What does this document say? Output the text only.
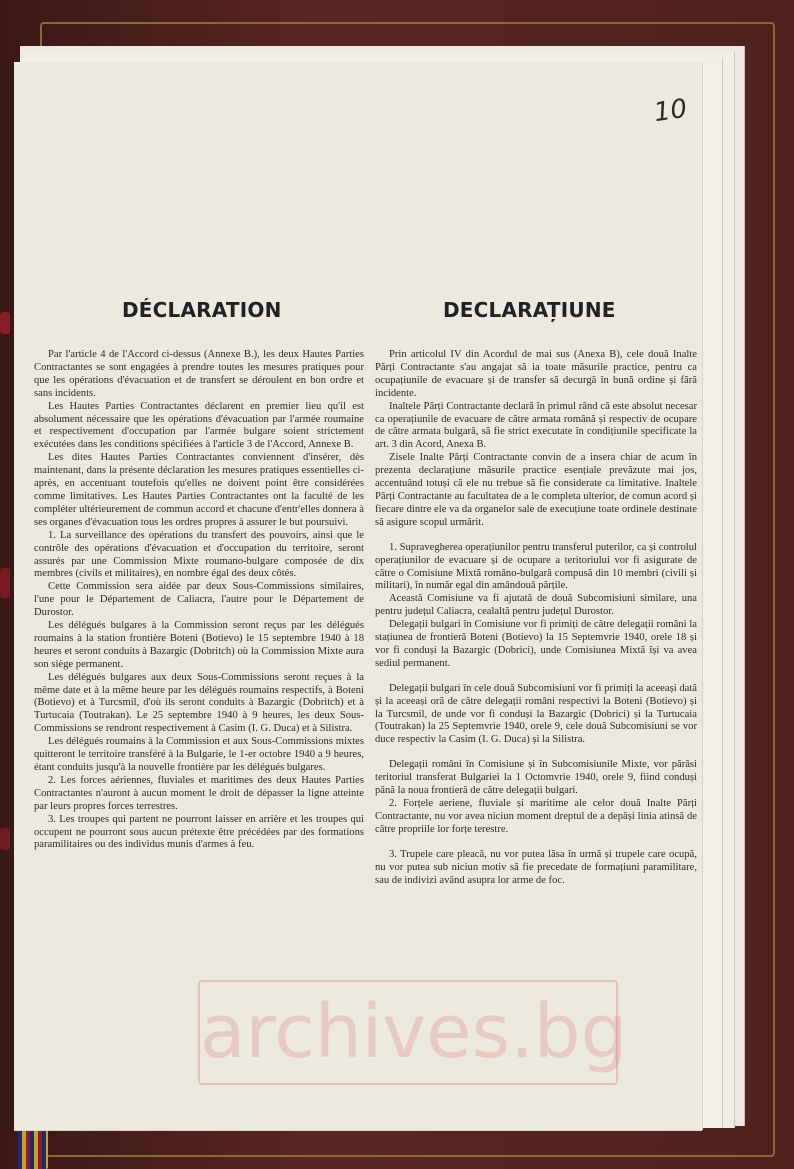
10
DÉCLARATION	DECLARAȚIUNE

Par l'article 4 de l'Accord ci-dessus (Annexe B.), les deux Hautes Parties Contractantes se sont engagées à prendre toutes les mesures pratiques pour que les opérations d'évacuation et de transfert se déroulent en bon ordre et sans incidents.

Les Hautes Parties Contractantes déclarent en premier lieu qu'il est absolument nécessaire que les opérations d'évacuation par l'armée roumaine et respectivement d'occupation par l'armée bulgare soient strictement exécutées dans les conditions spécifiées à l'article 3 de l'Accord, Annexe B.

Les dites Hautes Parties Contractantes conviennent d'insérer, dès maintenant, dans la présente déclaration les mesures pratiques essentielles ci-après, en accentuant toutefois qu'elles ne doivent point être considérées comme limitatives. Les Hautes Parties Contractantes ont la faculté de les compléter ultérieurement de commun accord et chacune d'entr'elles donnera à ses organes d'évacuation tous les ordres propres à assurer le but poursuivi.

1. La surveillance des opérations du transfert des pouvoirs, ainsi que le contrôle des opérations d'évacuation et d'occupation du territoire, seront assurés par une Commission Mixte roumano-bulgare composée de dix membres (civils et militaires), en nombre égal des deux côtés.

Cette Commission sera aidée par deux Sous-Commissions similaires, l'une pour le Département de Caliacra, l'autre pour le Département de Durostor.

Les délégués bulgares à la Commission seront reçus par les délégués roumains à la station frontière Boteni (Botievo) le 15 septembre 1940 à 18 heures et seront conduits à Bazargic (Dobritch) où la Commission Mixte aura son siège permanent.

Les délégués bulgares aux deux Sous-Commissions seront reçues à la même date et à la même heure par les délégués roumains respectifs, à Boteni (Botievo) et à Turcsmil, d'où ils seront conduits à Bazargic (Dobritch) et à Turtucaia (Toutrakan). Le 25 septembre 1940 à 9 heures, les deux Sous-Commissions se rendront respectivement à Casim (I. G. Duca) et à Silistra.

Les délégués roumains à la Commission et aux Sous-Commissions mixtes quitteront le territoire transféré à la Bulgarie, le 1-er octobre 1940 a 9 heures, étant conduits jusqu'à la nouvelle frontière par les délégués bulgares.

2. Les forces aériennes, fluviales et maritimes des deux Hautes Parties Contractantes n'auront à aucun moment le droit de dépasser la ligne atteinte par leurs propres forces terrestres.

3. Les troupes qui partent ne pourront laisser en arrière et les troupes qui occupent ne pourront sous aucun prétexte être précédées par des formations paramilitaires ou des individus munis d'armes à feu.

Prin articolul IV din Acordul de mai sus (Anexa B), cele două Inalte Părți Contractante s'au angajat să ia toate măsurile practice, pentru ca ocupațiunile de evacuare și de transfer să decurgă în bună ordine și fără incidente.

Inaltele Părți Contractante declară în primul rând că este absolut necesar ca operațiunile de evacuare de către armata română și respectiv de ocupare de către armata bulgară, să fie strict executate în condițiunile specificate la art. 3 din Acord, Anexa B.

Zisele Inalte Părți Contractante convin de a insera chiar de acum în prezenta declarațiune măsurile practice esențiale prevăzute mai jos, accentuând totuși că ele nu trebue să fie considerate ca limitative. Inaltele Părți Contractante au facultatea de a le completa ulterior, de comun acord și fiecare dintre ele va da organelor sale de execuțiune toate ordinele destinate să asigure scopul urmărit.

1. Supravegherea operațiunilor pentru transferul puterilor, ca și controlul operațiunilor de evacuare și de ocupare a teritoriului vor fi asigurate de către o Comisiune Mixtă româno-bulgară compusă din 10 membri (civili și militari), în număr egal din amândouă părțile.

Această Comisiune va fi ajutată de două Subcomisiuni similare, una pentru județul Caliacra, cealaltă pentru județul Durostor.

Delegații bulgari în Comisiune vor fi primiți de către delegații români la stațiunea de frontieră Boteni (Botievo) la 15 Septemvrie 1940, orele 18 și vor fi conduși la Bazargic (Dobrici), unde Comisiunea Mixtă își va avea sediul permanent.

Delegații bulgari în cele două Subcomisiuni vor fi primiți la aceeași dată și la aceeași oră de către delegații români respectivi la Boteni (Botievo) și la Turcsmil, de unde vor fi conduși la Bazargic (Dobrici) și la Turtucaia (Toutrakan) la 25 Septemvrie 1940, orele 9, cele două Subcomisiuni se vor duce respectiv la Casim (I. G. Duca) și la Silistra.

Delegații români în Comisiune și în Subcomisiunile Mixte, vor părăsi teritoriul transferat Bulgariei la 1 Octomvrie 1940, orele 9, fiind conduși până la noua frontieră de către delegații bulgari.

2. Forțele aeriene, fluviale și maritime ale celor două Inalte Părți Contractante, nu vor avea niciun moment dreptul de a depăși linia atinsă de către propriile lor forțe terestre.

3. Trupele care pleacă, nu vor putea lăsa în urmă și trupele care ocupă, nu vor putea sub niciun motiv să fie precedate de formațiuni paramilitare, sau de indivizi având asupra lor arme de foc.

archives.bg
